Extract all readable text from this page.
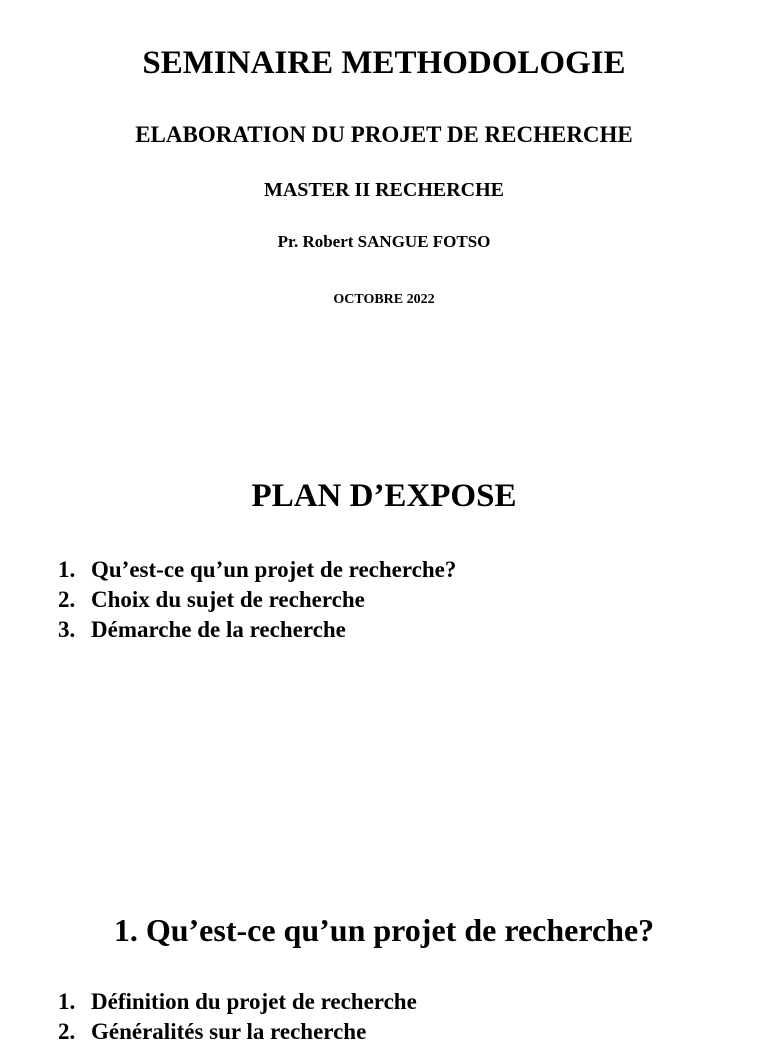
SEMINAIRE METHODOLOGIE
ELABORATION DU PROJET DE RECHERCHE
MASTER II RECHERCHE
Pr. Robert SANGUE FOTSO
OCTOBRE 2022
PLAN D’EXPOSE
1. Qu’est-ce qu’un projet de recherche?
2. Choix du sujet de recherche
3. Démarche de la recherche
1. Qu’est-ce qu’un projet de recherche?
1. Définition du projet de recherche
2. Généralités sur la recherche
